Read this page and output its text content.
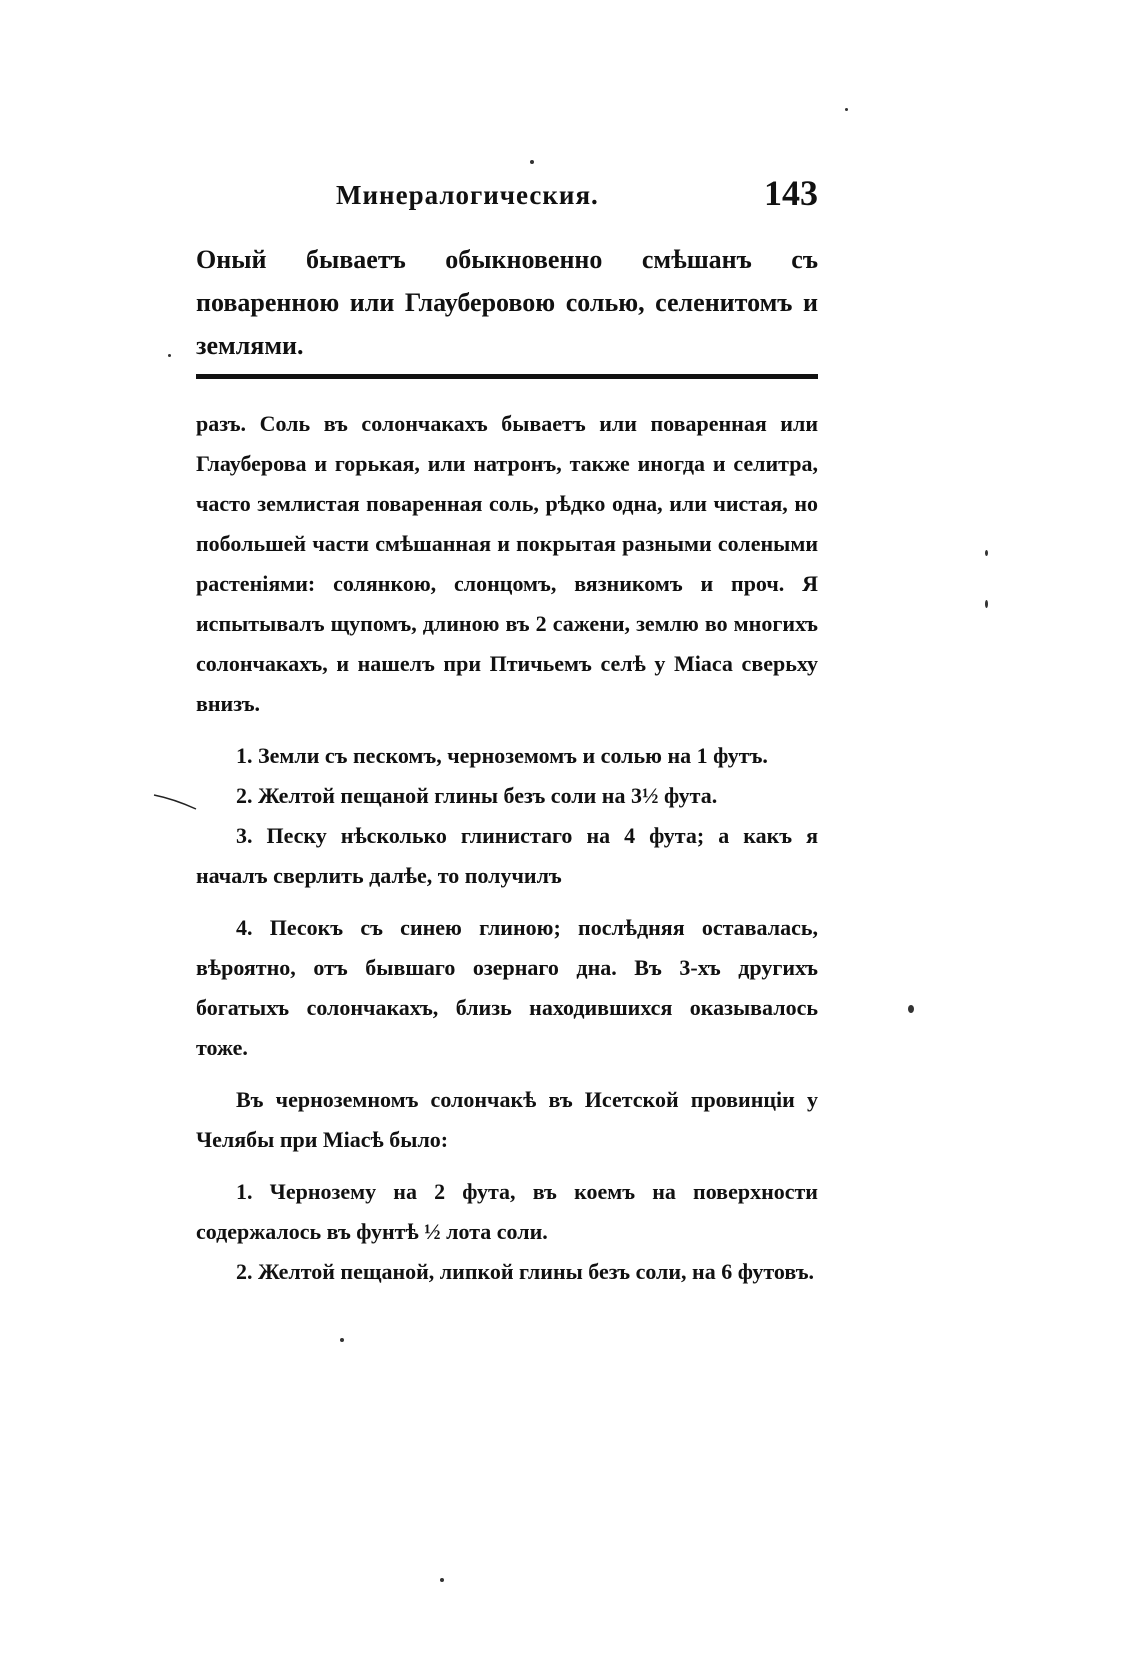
Минералогическия.	143

Оный бываетъ обыкновенно смѣшанъ съ поваренною или Глауберовою солью, селенитомъ и землями.

разъ. Соль въ солончакахъ бываетъ или поваренная или Глауберова и горькая, или натронъ, также иногда и селитра, часто землистая поваренная соль, рѣдко одна, или чистая, но побольшей части смѣшанная и покрытая разными солеными растеніями: солянкою, слонцомъ, вязникомъ и проч. Я испытывалъ щупомъ, длиною въ 2 сажени, землю во многихъ солончакахъ, и нашелъ при Птичьемъ селѣ у Міаса сверьху внизъ.

1. Земли съ пескомъ, черноземомъ и солью на 1 футъ.

2. Желтой пещаной глины безъ соли на 3½ фута.

3. Песку нѣсколько глинистаго на 4 фута; а какъ я началъ сверлить далѣе, то получилъ

4. Песокъ съ синею глиною; послѣдняя оставалась, вѣроятно, отъ бывшаго озернаго дна. Въ 3-хъ другихъ богатыхъ солончакахъ, близь находившихся оказывалось тоже.

Въ черноземномъ солончакѣ въ Исетской провинціи у Челябы при Міасѣ было:

1. Чернозему на 2 фута, въ коемъ на поверхности содержалось въ фунтѣ ½ лота соли.

2. Желтой пещаной, липкой глины безъ соли, на 6 футовъ.
